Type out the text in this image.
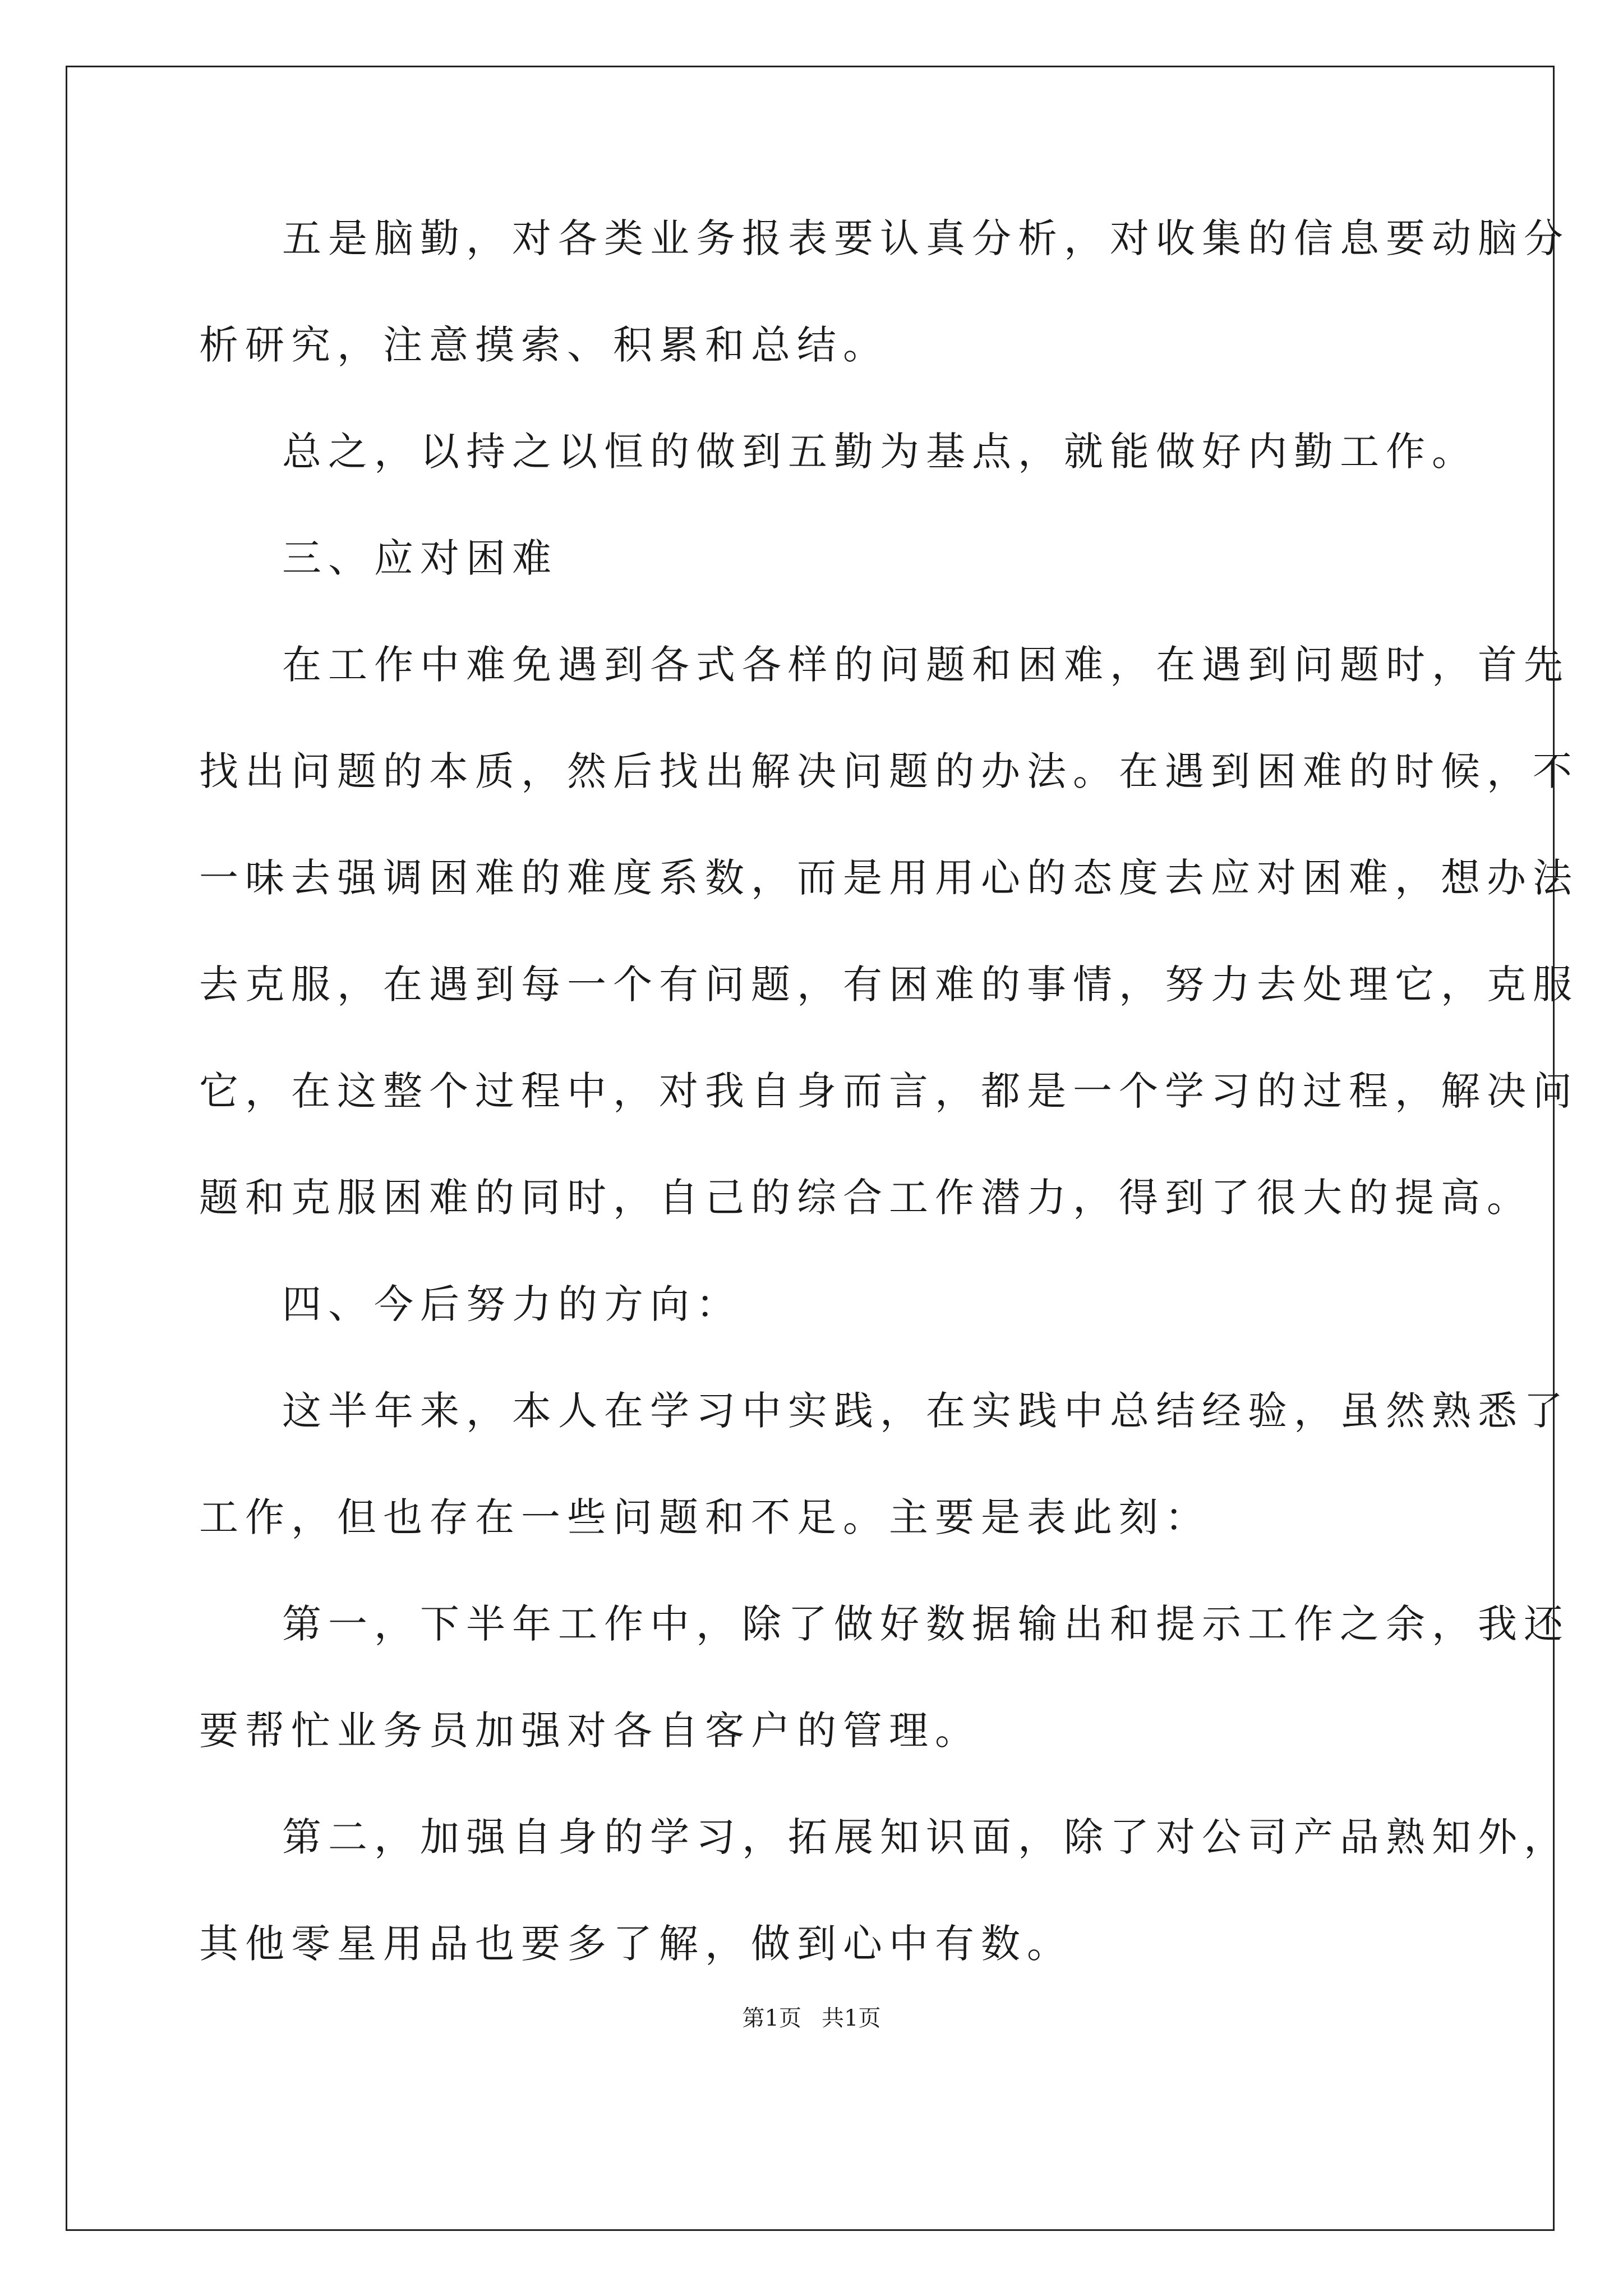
五是脑勤，对各类业务报表要认真分析，对收集的信息要动脑分
析研究，注意摸索、积累和总结。
总之，以持之以恒的做到五勤为基点，就能做好内勤工作。
三、应对困难
在工作中难免遇到各式各样的问题和困难，在遇到问题时，首先
找出问题的本质，然后找出解决问题的办法。在遇到困难的时候，不
一味去强调困难的难度系数，而是用用心的态度去应对困难，想办法
去克服，在遇到每一个有问题，有困难的事情，努力去处理它，克服
它，在这整个过程中，对我自身而言，都是一个学习的过程，解决问
题和克服困难的同时，自己的综合工作潜力，得到了很大的提高。
四、今后努力的方向：
这半年来，本人在学习中实践，在实践中总结经验，虽然熟悉了
工作，但也存在一些问题和不足。主要是表此刻：
第一，下半年工作中，除了做好数据输出和提示工作之余，我还
要帮忙业务员加强对各自客户的管理。
第二，加强自身的学习，拓展知识面，除了对公司产品熟知外，
其他零星用品也要多了解，做到心中有数。
第1页 共1页
